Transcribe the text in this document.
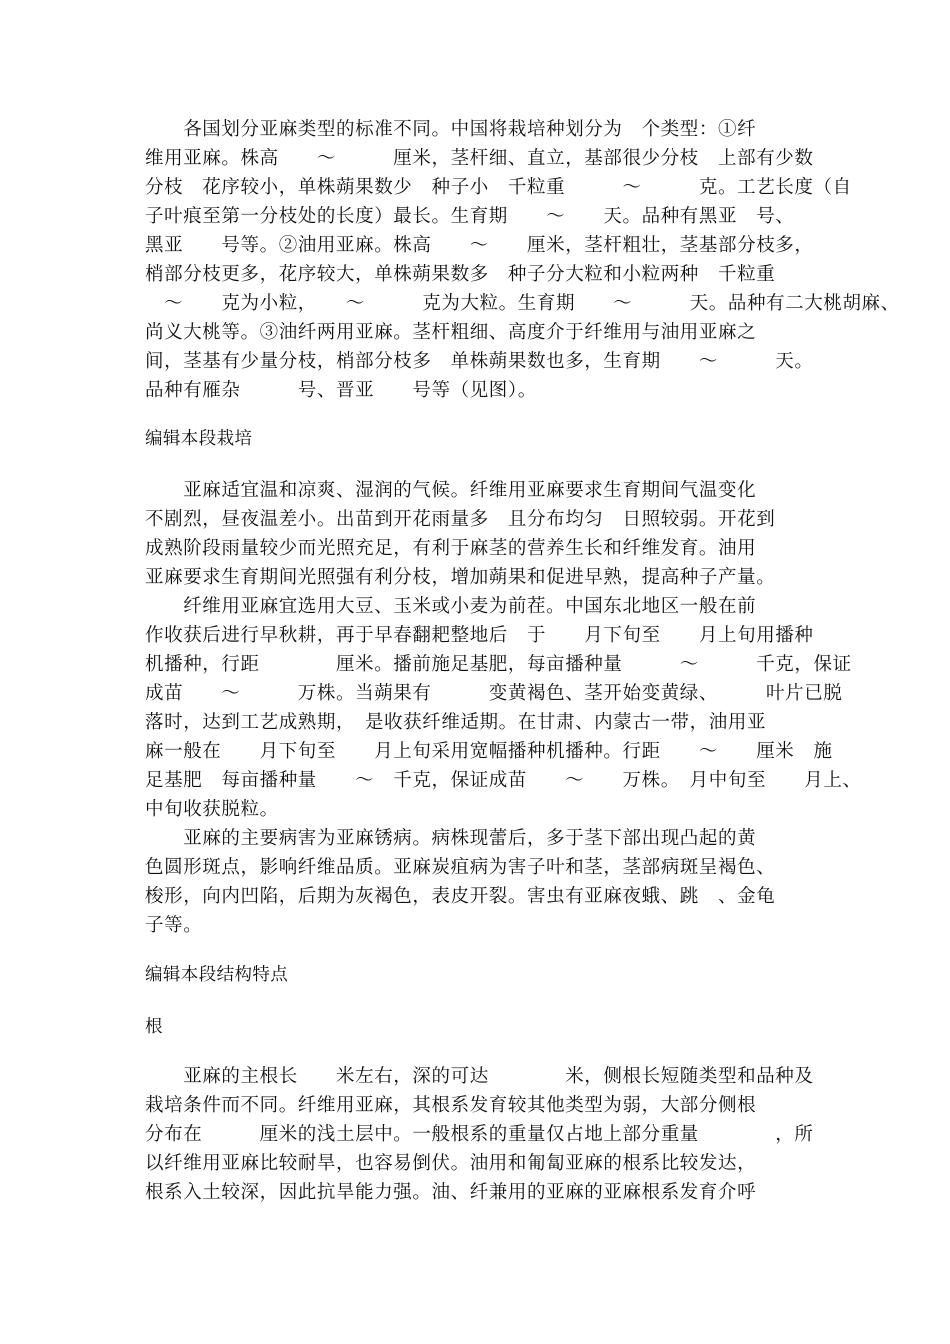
　　各国划分亚麻类型的标准不同。中国将栽培种划分为　个类型：①纤
维用亚麻。株高　　～　　　厘米，茎杆细、直立，基部很少分枝　上部有少数
分枝　花序较小，单株蒴果数少　种子小　千粒重　　　～　　　克。工艺长度（自
子叶痕至第一分枝处的长度）最长。生育期　　～　　天。品种有黑亚　号、
黑亚　　号等。②油用亚麻。株高　　～　　厘米，茎杆粗壮，茎基部分枝多，
梢部分枝更多，花序较大，单株蒴果数多　种子分大粒和小粒两种　千粒重
　～　　克为小粒，　　～　　　克为大粒。生育期　　～　　　天。品种有二大桃胡麻、
尚义大桃等。③油纤两用亚麻。茎杆粗细、高度介于纤维用与油用亚麻之
间，茎基有少量分枝，梢部分枝多　单株蒴果数也多，生育期　　～　　　天。
品种有雁杂　　　号、晋亚　　号等（见图）。
编辑本段栽培
　　亚麻适宜温和凉爽、湿润的气候。纤维用亚麻要求生育期间气温变化
不剧烈，昼夜温差小。出苗到开花雨量多　且分布均匀　日照较弱。开花到
成熟阶段雨量较少而光照充足，有利于麻茎的营养生长和纤维发育。油用
亚麻要求生育期间光照强有利分枝，增加蒴果和促进早熟，提高种子产量。
　　纤维用亚麻宜选用大豆、玉米或小麦为前茬。中国东北地区一般在前
作收获后进行早秋耕，再于早春翻耙整地后　于　　月下旬至　　月上旬用播种
机播种，行距　　　　厘米。播前施足基肥，每亩播种量　　　～　　　千克，保证
成苗　　～　　　万株。当蒴果有　　　变黄褐色、茎开始变黄绿、　　　叶片已脱
落时，达到工艺成熟期，　是收获纤维适期。在甘肃、内蒙古一带，油用亚
麻一般在　　月下旬至　　月上旬采用宽幅播种机播种。行距　　～　　厘米　施
足基肥　每亩播种量　　～　千克，保证成苗　　～　　万株。　月中旬至　　月上、
中旬收获脱粒。
　　亚麻的主要病害为亚麻锈病。病株现蕾后，多于茎下部出现凸起的黄
色圆形斑点，影响纤维品质。亚麻炭疽病为害子叶和茎，茎部病斑呈褐色、
梭形，向内凹陷，后期为灰褐色，表皮开裂。害虫有亚麻夜蛾、跳　、金龟
子等。
编辑本段结构特点
根
　　亚麻的主根长　　米左右，深的可达　　　　米，侧根长短随类型和品种及
栽培条件而不同。纤维用亚麻，其根系发育较其他类型为弱，大部分侧根
分布在　　　厘米的浅土层中。一般根系的重量仅占地上部分重量　　　　，所
以纤维用亚麻比较耐旱，也容易倒伏。油用和匍匐亚麻的根系比较发达，
根系入土较深，因此抗旱能力强。油、纤兼用的亚麻的亚麻根系发育介呼
